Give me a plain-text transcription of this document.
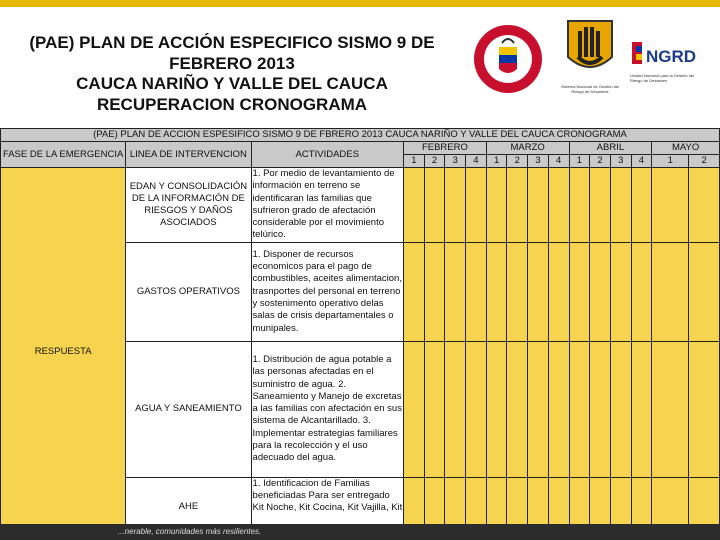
(PAE) PLAN DE ACCIÓN ESPECIFICO SISMO 9 DE
FEBRERO 2013
CAUCA NARIÑO Y VALLE DEL CAUCA
RECUPERACION CRONOGRAMA
Sistema Nacional de Gestión del Riesgo de Desastres
NGRD
Unidad Nacional para la Gestión del Riesgo de Desastres
(PAE) PLAN DE ACCION ESPESIFICO SISMO 9 DE FBRERO 2013 CAUCA NARIÑO Y VALLE DEL CAUCA CRONOGRAMA																
FASE DE LA EMERGENCIA	LINEA DE INTERVENCION	ACTIVIDADES	FEBRERO				MARZO				ABRIL				MAYO	
			1	2	3	4	1	2	3	4	1	2	3	4	1	2
RESPUESTA	EDAN Y CONSOLIDACIÓN DE LA INFORMACIÓN DE RIESGOS Y DAÑOS ASOCIADOS	1. Por medio de levantamiento de información en terreno se identificaran las familias que sufrieron grado de afectación considerable por el movimiento telúrico.														
	GASTOS OPERATIVOS	1. Disponer de recursos economicos para el pago de combustibles, aceites alimentacion, trasnportes del personal en terreno y sostenimento operativo delas salas de crisis departamentales o munipales.														
	AGUA Y SANEAMIENTO	1. Distribución de agua potable a las personas afectadas en el suministro de agua. 2. Saneamiento y Manejo de excretas a las familias con afectación en sus sistema de Alcantarillado. 3. Implementar estrategias familiares para la recolección y el uso adecuado del agua.														
	AHE	1. Identificacion de Familias beneficiadas Para ser entregado Kit Noche, Kit Cocina, Kit Vajilla, Kit														
...nerable, comunidades más resilientes.
